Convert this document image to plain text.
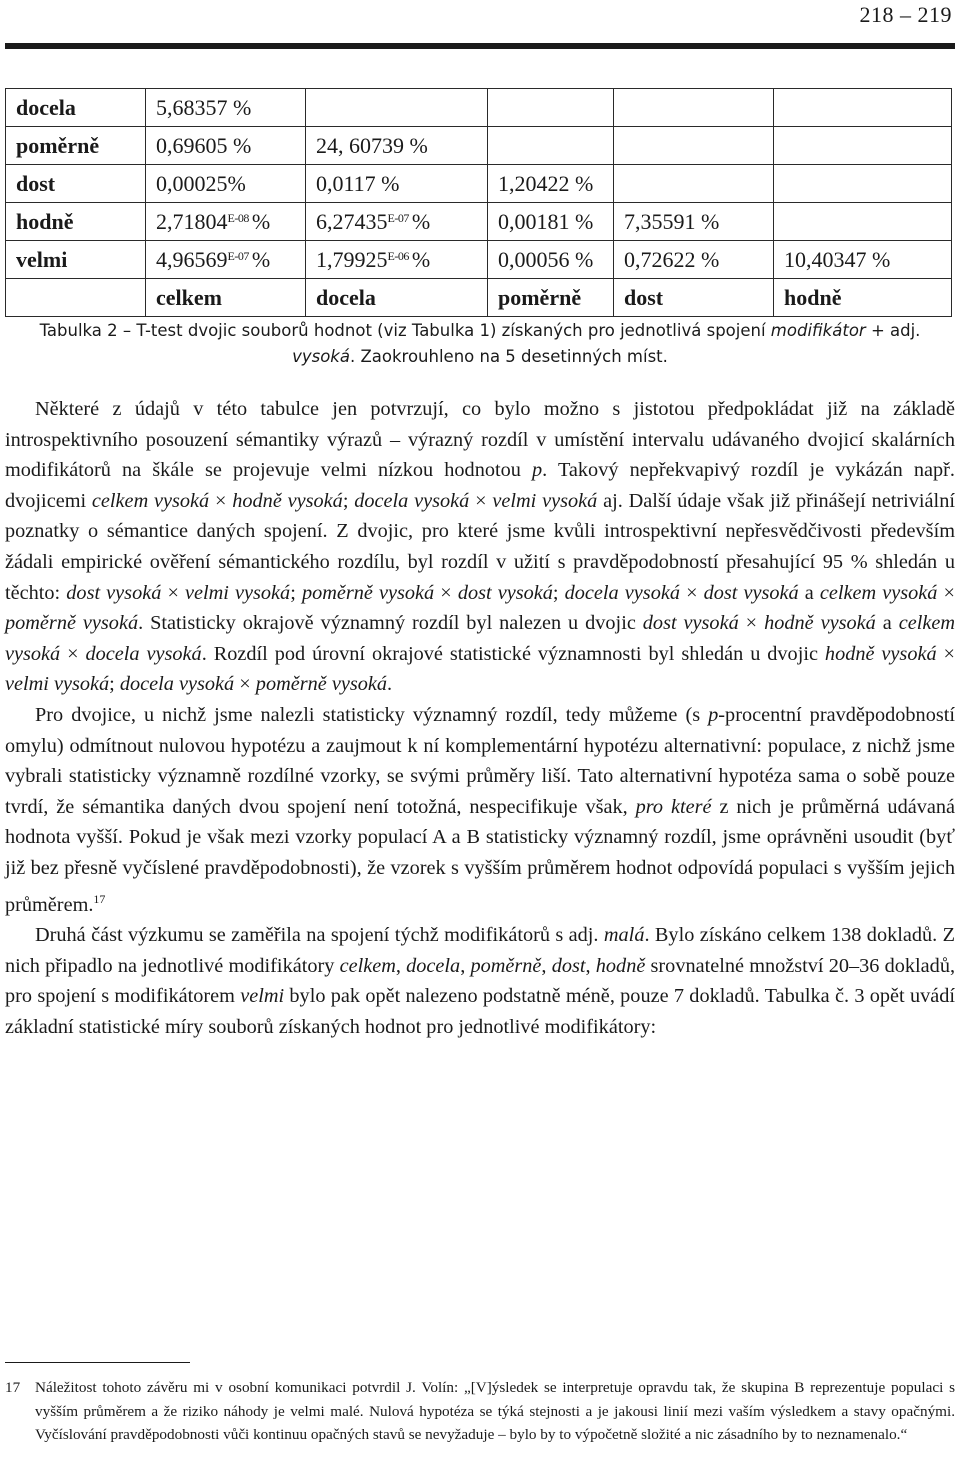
218 – 219
docela	5,68357 %				
poměrně	0,69605 %	24, 60739 %			
dost	0,00025%	0,0117 %	1,20422 %		
hodně	$2,71804^{E-08}$ %	$6,27435^{E-07}$ %	0,00181 %	7,35591 %	
velmi	$4,96569^{E-07}$ %	$1,79925^{E-06}$ %	0,00056 %	0,72622 %	10,40347 %
	celkem	docela	poměrně	dost	hodně
Tabulka 2 – T-test dvojic souborů hodnot (viz Tabulka 1) získaných pro jednotlivá spojení modifikátor + adj.
vysoká. Zaokrouhleno na 5 desetinných míst.

Některé z údajů v této tabulce jen potvrzují, co bylo možno s jistotou předpokládat již na základě introspektivního posouzení sémantiky výrazů – výrazný rozdíl v umístění intervalu udávaného dvojicí skalárních modifikátorů na škále se projevuje velmi nízkou hodnotou p. Takový nepřekvapivý rozdíl je vykázán např. dvojicemi celkem vysoká × hodně vysoká; docela vysoká × velmi vysoká aj. Další údaje však již přinášejí netriviální poznatky o sémantice daných spojení. Z dvojic, pro které jsme kvůli introspektivní nepřesvědčivosti především žádali empirické ověření sémantického rozdílu, byl rozdíl v užití s pravděpodobností přesahující 95 % shledán u těchto: dost vysoká × velmi vysoká; poměrně vysoká × dost vysoká; docela vysoká × dost vysoká a celkem vysoká × poměrně vysoká. Statisticky okrajově významný rozdíl byl nalezen u dvojic dost vysoká × hodně vysoká a celkem vysoká × docela vysoká. Rozdíl pod úrovní okrajové statistické významnosti byl shledán u dvojic hodně vysoká × velmi vysoká; docela vysoká × poměrně vysoká.

Pro dvojice, u nichž jsme nalezli statisticky významný rozdíl, tedy můžeme (s p-procentní pravděpodobností omylu) odmítnout nulovou hypotézu a zaujmout k ní komplementární hypotézu alternativní: populace, z nichž jsme vybrali statisticky významně rozdílné vzorky, se svými průměry liší. Tato alternativní hypotéza sama o sobě pouze tvrdí, že sémantika daných dvou spojení není totožná, nespecifikuje však, pro které z nich je průměrná udávaná hodnota vyšší. Pokud je však mezi vzorky populací A a B statisticky významný rozdíl, jsme oprávněni usoudit (byť již bez přesně vyčíslené pravděpodobnosti), že vzorek s vyšším průměrem hodnot odpovídá populaci s vyšším jejich průměrem.$^{17}$

Druhá část výzkumu se zaměřila na spojení týchž modifikátorů s adj. malá. Bylo získáno celkem 138 dokladů. Z nich připadlo na jednotlivé modifikátory celkem, docela, poměrně, dost, hodně srovnatelné množství 20–36 dokladů, pro spojení s modifikátorem velmi bylo pak opět nalezeno podstatně méně, pouze 7 dokladů. Tabulka č. 3 opět uvádí základní statistické míry souborů získaných hodnot pro jednotlivé modifikátory:

17 Náležitost tohoto závěru mi v osobní komunikaci potvrdil J. Volín: „[V]ýsledek se interpretuje opravdu tak, že skupina B reprezentuje populaci s vyšším průměrem a že riziko náhody je velmi malé. Nulová hypotéza se týká stejnosti a je jakousi linií mezi vaším výsledkem a stavy opačnými. Vyčíslování pravděpodobnosti vůči kontinuu opačných stavů se nevyžaduje – bylo by to výpočetně složité a nic zásadního by to neznamenalo.“
